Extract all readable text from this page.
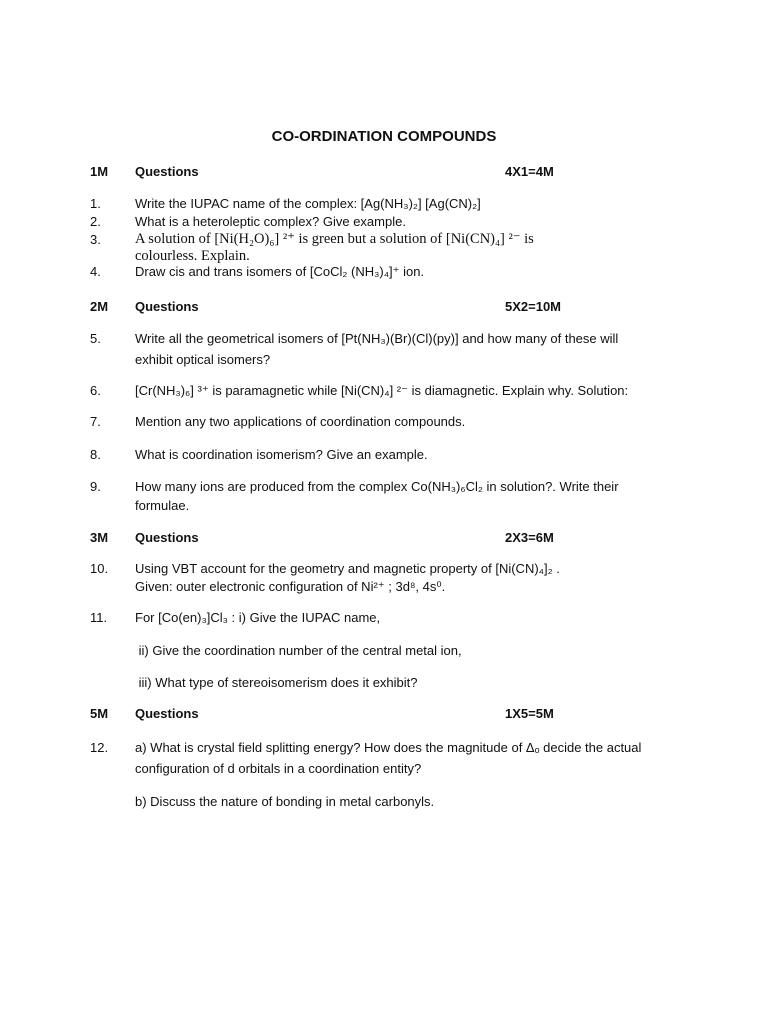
CO-ORDINATION COMPOUNDS
1M Questions	4X1=4M
1.	Write the IUPAC name of the complex: [Ag(NH₃)₂] [Ag(CN)₂]
2.	What is a heteroleptic complex? Give example.
3. A solution of [Ni(H₂O)₆] ²⁺ is green but a solution of [Ni(CN)₄] ²⁻ is
colourless. Explain.
4.	Draw cis and trans isomers of [CoCl₂ (NH₃)₄]⁺ ion.
2M Questions	5X2=10M
5.	Write all the geometrical isomers of [Pt(NH₃)(Br)(Cl)(py)] and how many of these will
exhibit optical isomers?
6.	[Cr(NH₃)₆] ³⁺ is paramagnetic while [Ni(CN)₄] ²⁻ is diamagnetic. Explain why. Solution:
7.	Mention any two applications of coordination compounds.
8.	What is coordination isomerism? Give an example.
9.	How many ions are produced from the complex Co(NH₃)₆Cl₂ in solution?. Write their
formulae.
3M Questions	2X3=6M
10. Using VBT account for the geometry and magnetic property of [Ni(CN)₄]₂ .
Given: outer electronic configuration of Ni²⁺ ; 3d⁸, 4s⁰.
11. For [Co(en)₃]Cl₃ : i) Give the IUPAC name,
ii) Give the coordination number of the central metal ion,
iii) What type of stereoisomerism does it exhibit?
5M Questions	1X5=5M
12. a) What is crystal field splitting energy? How does the magnitude of Δₒ decide the actual
configuration of d orbitals in a coordination entity?
b) Discuss the nature of bonding in metal carbonyls.
